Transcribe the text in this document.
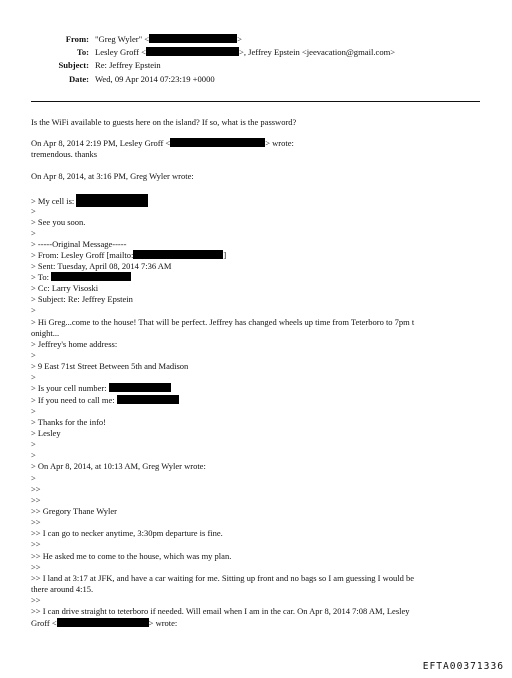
From: "Greg Wyler" <	>
To: Lesley Groff <	>, Jeffrey Epstein <jeevacation@gmail.com>
Subject: Re: Jeffrey Epstein
Date: Wed, 09 Apr 2014 07:23:19 +0000
Is the WiFi available to guests here on the island? If so, what is the password?
On Apr 8, 2014 2:19 PM, Lesley Groff <	> wrote:
tremendous. thanks
On Apr 8, 2014, at 3:16 PM, Greg Wyler wrote:
> My cell is:
>
> See you soon.
>
> -----Original Message-----
> From: Lesley Groff [mailto:	]
> Sent: Tuesday, April 08, 2014 7:36 AM
> To:
> Cc: Larry Visoski
> Subject: Re: Jeffrey Epstein
>
> Hi Greg...come to the house! That will be perfect. Jeffrey has changed wheels up time from Teterboro to 7pm t
onight...
> Jeffrey's home address:
>
> 9 East 71st Street Between 5th and Madison
>
> Is your cell number:
> If you need to call me:
>
> Thanks for the info!
> Lesley
>
>
> On Apr 8, 2014, at 10:13 AM, Greg Wyler wrote:
>
>>
>>
>> Gregory Thane Wyler
>>
>> I can go to necker anytime, 3:30pm departure is fine.
>>
>> He asked me to come to the house, which was my plan.
>>
>> I land at 3:17 at JFK, and have a car waiting for me. Sitting up front and no bags so I am guessing I would be
there around 4:15.
>>
>> I can drive straight to teterboro if needed. Will email when I am in the car. On Apr 8, 2014 7:08 AM, Lesley
Groff <	> wrote:
EFTA00371336
